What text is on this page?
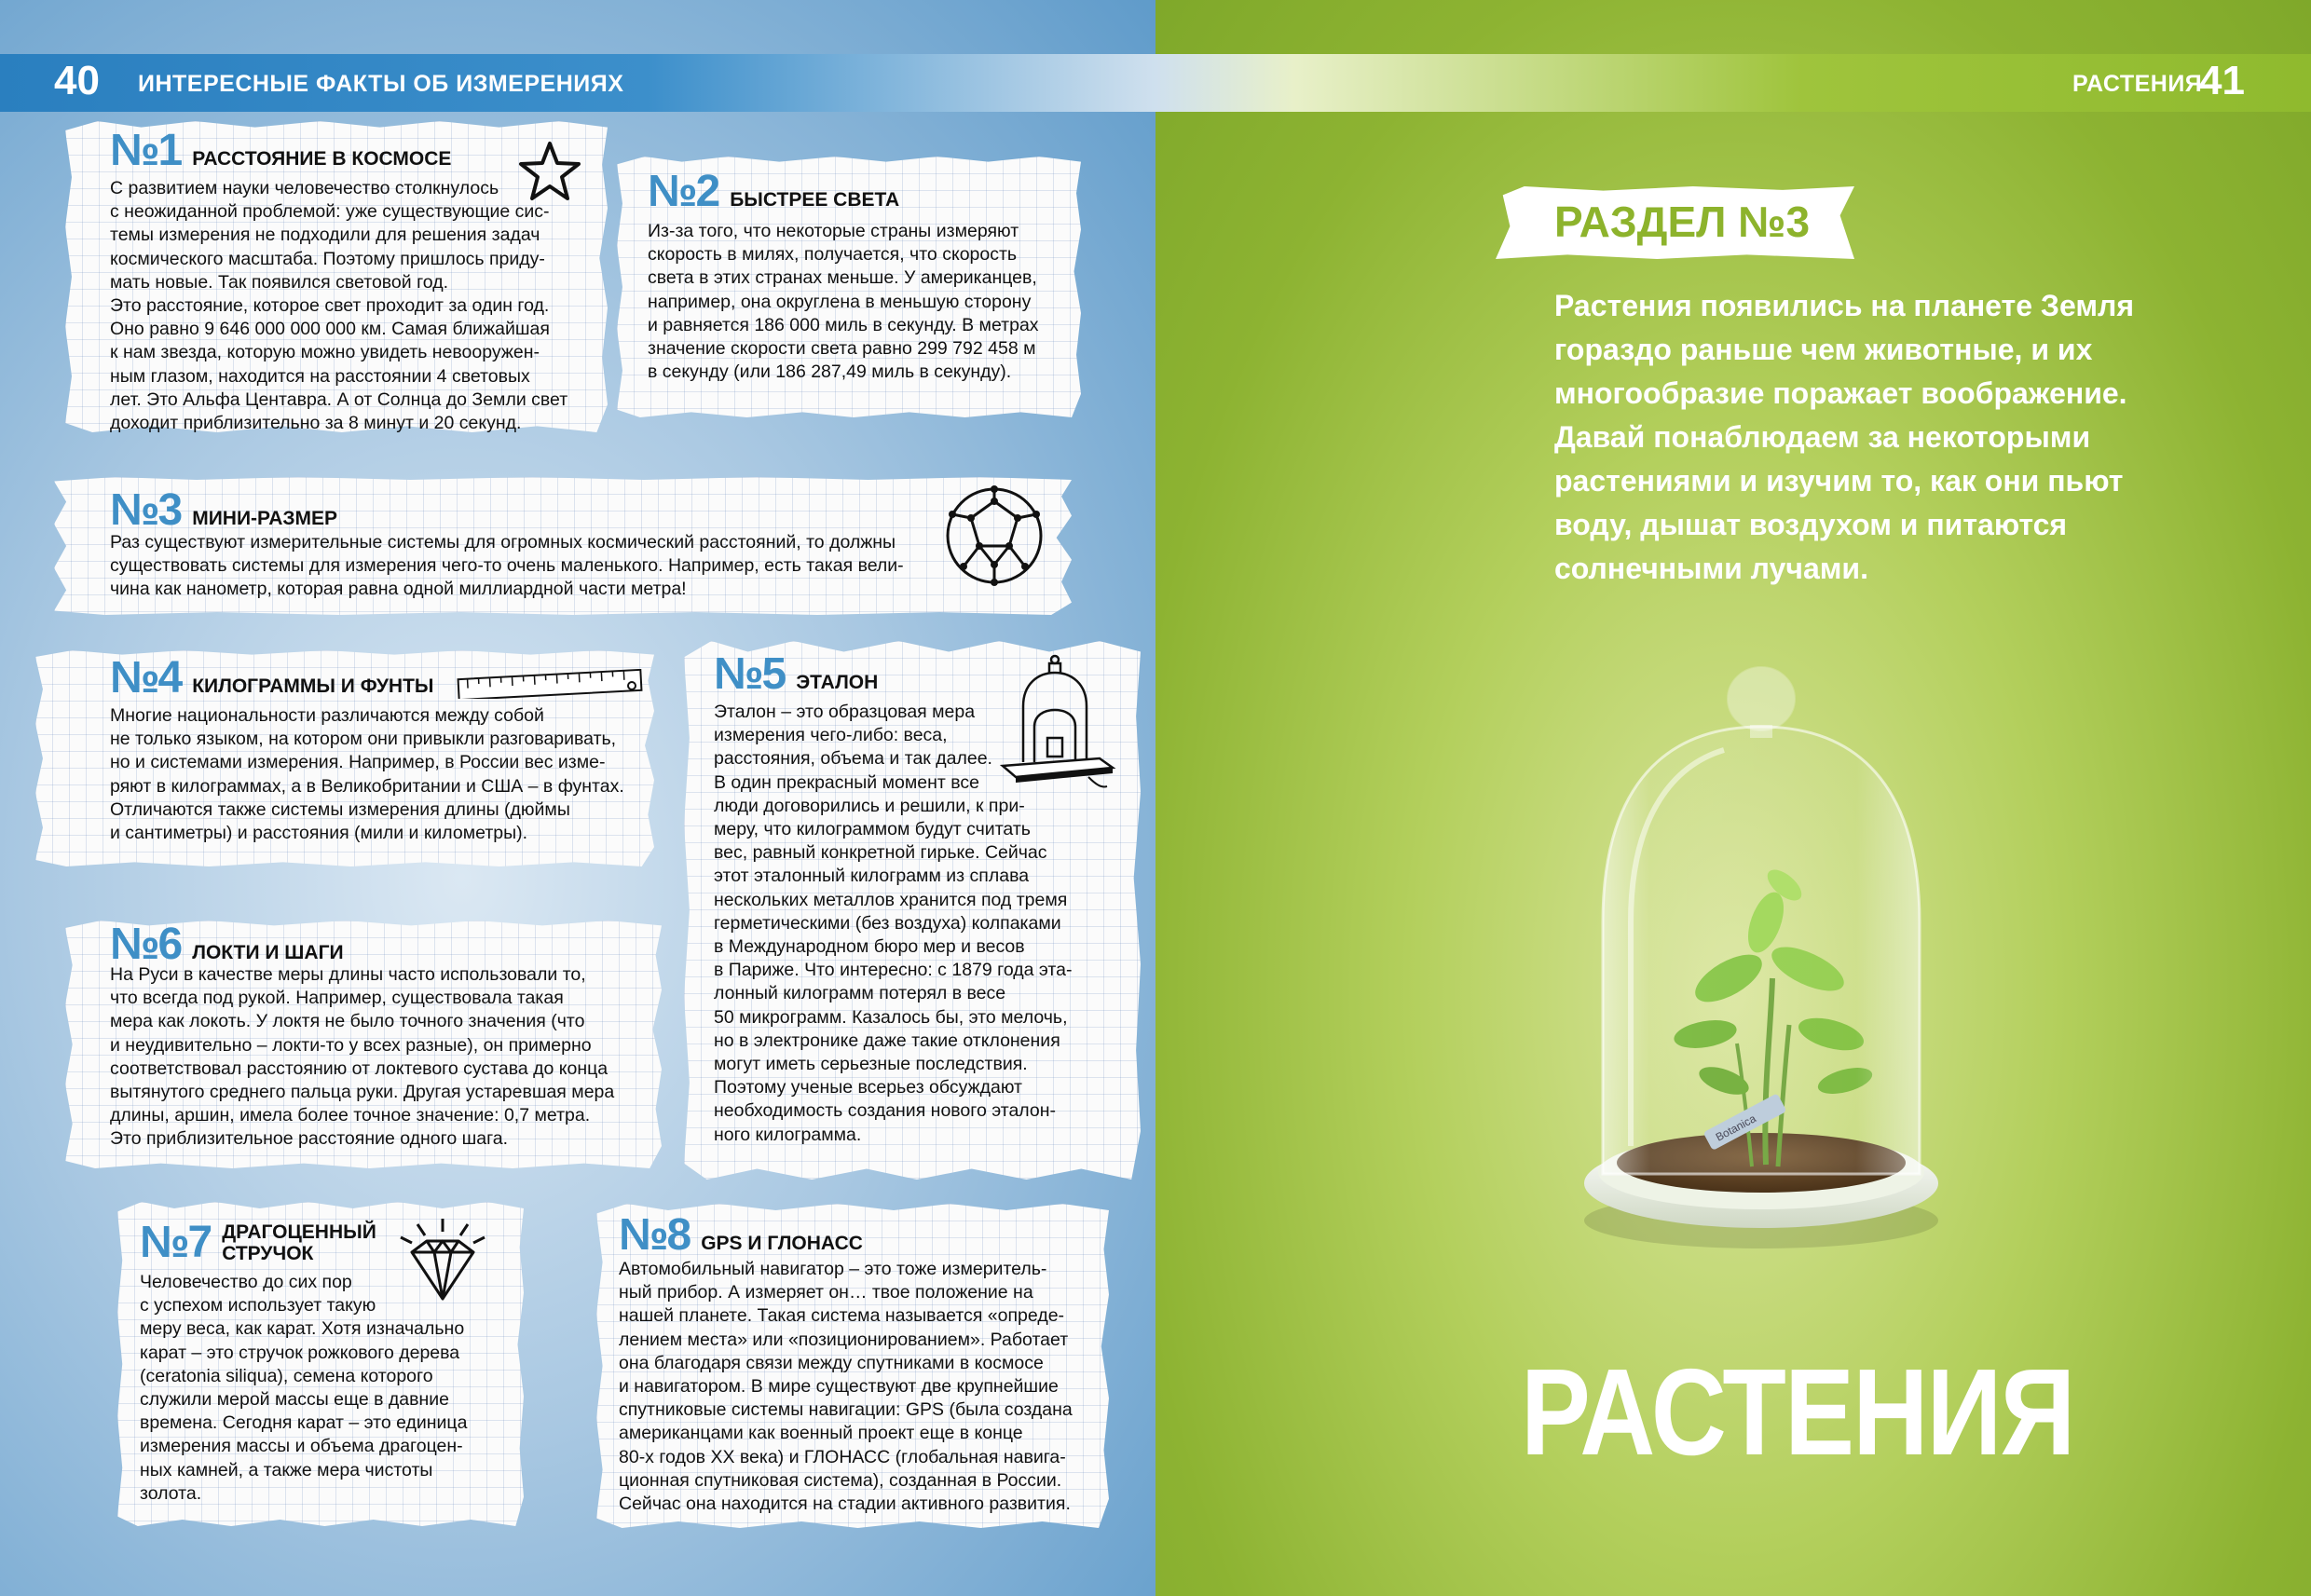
40 ИНТЕРЕСНЫЕ ФАКТЫ ОБ ИЗМЕРЕНИЯХ	РАСТЕНИЯ
41
№1 РАССТОЯНИЕ В КОСМОСЕ
С развитием науки человечество столкнулось
с неожиданной проблемой: уже существующие сис-
темы измерения не подходили для решения задач
космического масштаба. Поэтому пришлось приду-
мать новые. Так появился световой год.
Это расстояние, которое свет проходит за один год.
Оно равно 9 646 000 000 000 км. Самая ближайшая
к нам звезда, которую можно увидеть невооружен-
ным глазом, находится на расстоянии 4 световых
лет. Это Альфа Центавра. А от Солнца до Земли свет
доходит приблизительно за 8 минут и 20 секунд.
№2 БЫСТРЕЕ СВЕТА
Из-за того, что некоторые страны измеряют
скорость в милях, получается, что скорость
света в этих странах меньше. У американцев,
например, она округлена в меньшую сторону
и равняется 186 000 миль в секунду. В метрах
значение скорости света равно 299 792 458 м
в секунду (или 186 287,49 миль в секунду).
№3 МИНИ-РАЗМЕР
Раз существуют измерительные системы для огромных космический расстояний, то должны
существовать системы для измерения чего-то очень маленького. Например, есть такая вели-
чина как нанометр, которая равна одной миллиардной части метра!
№4 КИЛОГРАММЫ И ФУНТЫ
Многие национальности различаются между собой
не только языком, на котором они привыкли разговаривать,
но и системами измерения. Например, в России вес изме-
ряют в килограммах, а в Великобритании и США – в фунтах.
Отличаются также системы измерения длины (дюймы
и сантиметры) и расстояния (мили и километры).
№5 ЭТАЛОН
Эталон – это образцовая мера
измерения чего-либо: веса,
расстояния, объема и так далее.
В один прекрасный момент все
люди договорились и решили, к при-
меру, что килограммом будут считать
вес, равный конкретной гирьке. Сейчас
этот эталонный килограмм из сплава
нескольких металлов хранится под тремя
герметическими (без воздуха) колпаками
в Международном бюро мер и весов
в Париже. Что интересно: с 1879 года эта-
лонный килограмм потерял в весе
50 микрограмм. Казалось бы, это мелочь,
но в электронике даже такие отклонения
могут иметь серьезные последствия.
Поэтому ученые всерьез обсуждают
необходимость создания нового эталон-
ного килограмма.
№6 ЛОКТИ И ШАГИ
На Руси в качестве меры длины часто использовали то,
что всегда под рукой. Например, существовала такая
мера как локоть. У локтя не было точного значения (что
и неудивительно – локти-то у всех разные), он примерно
соответствовал расстоянию от локтевого сустава до конца
вытянутого среднего пальца руки. Другая устаревшая мера
длины, аршин, имела более точное значение: 0,7 метра.
Это приблизительное расстояние одного шага.
№7 ДРАГОЦЕННЫЙ
СТРУЧОК
Человечество до сих пор
с успехом использует такую
меру веса, как карат. Хотя изначально
карат – это стручок рожкового дерева
(ceratonia siliqua), семена которого
служили мерой массы еще в давние
времена. Сегодня карат – это единица
измерения массы и объема драгоцен-
ных камней, а также мера чистоты
золота.
№8 GPS И ГЛОНАСС
Автомобильный навигатор – это тоже измеритель-
ный прибор. А измеряет он… твое положение на
нашей планете. Такая система называется «опреде-
лением места» или «позиционированием». Работает
она благодаря связи между спутниками в космосе
и навигатором. В мире существуют две крупнейшие
спутниковые системы навигации: GPS (была создана
американцами как военный проект еще в конце
80-х годов XX века) и ГЛОНАСС (глобальная навига-
ционная спутниковая система), созданная в России.
Сейчас она находится на стадии активного развития.
РАЗДЕЛ №3
Растения появились на планете Земля
гораздо раньше чем животные, и их
многообразие поражает воображение.
Давай понаблюдаем за некоторыми
растениями и изучим то, как они пьют
воду, дышат воздухом и питаются
солнечными лучами.
РАСТЕНИЯ
